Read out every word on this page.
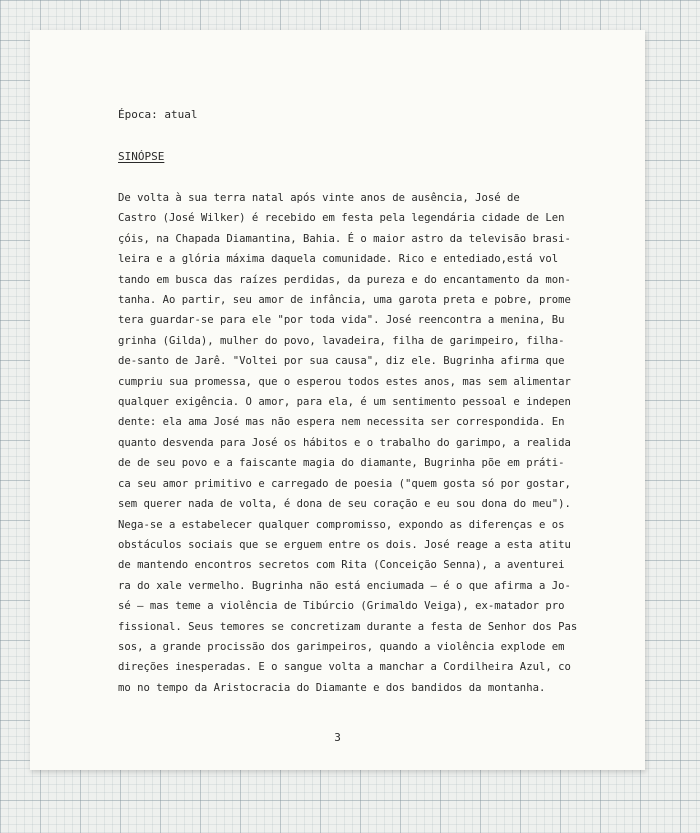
Época: atual

SINÓPSE

De volta à sua terra natal após vinte anos de ausência, José de
Castro (José Wilker) é recebido em festa pela legendária cidade de Len
çóis, na Chapada Diamantina, Bahia. É o maior astro da televisão brasi-
leira e a glória máxima daquela comunidade. Rico e entediado,está vol
tando em busca das raízes perdidas, da pureza e do encantamento da mon-
tanha. Ao partir, seu amor de infância, uma garota preta e pobre, prome
tera guardar-se para ele "por toda vida". José reencontra a menina, Bu
grinha (Gilda), mulher do povo, lavadeira, filha de garimpeiro, filha-
de-santo de Jarê. "Voltei por sua causa", diz ele. Bugrinha afirma que
cumpriu sua promessa, que o esperou todos estes anos, mas sem alimentar
qualquer exigência. O amor, para ela, é um sentimento pessoal e indepen
dente: ela ama José mas não espera nem necessita ser correspondida. En
quanto desvenda para José os hábitos e o trabalho do garimpo, a realida
de de seu povo e a faiscante magia do diamante, Bugrinha põe em práti-
ca seu amor primitivo e carregado de poesia ("quem gosta só por gostar,
sem querer nada de volta, é dona de seu coração e eu sou dona do meu").
Nega-se a estabelecer qualquer compromisso, expondo as diferenças e os
obstáculos sociais que se erguem entre os dois. José reage a esta atitu
de mantendo encontros secretos com Rita (Conceição Senna), a aventurei
ra do xale vermelho. Bugrinha não está enciumada — é o que afirma a Jo-
sé — mas teme a violência de Tibúrcio (Grimaldo Veiga), ex-matador pro
fissional. Seus temores se concretizam durante a festa de Senhor dos Pas
sos, a grande procissão dos garimpeiros, quando a violência explode em
direções inesperadas. E o sangue volta a manchar a Cordilheira Azul, co
mo no tempo da Aristocracia do Diamante e dos bandidos da montanha.

3
